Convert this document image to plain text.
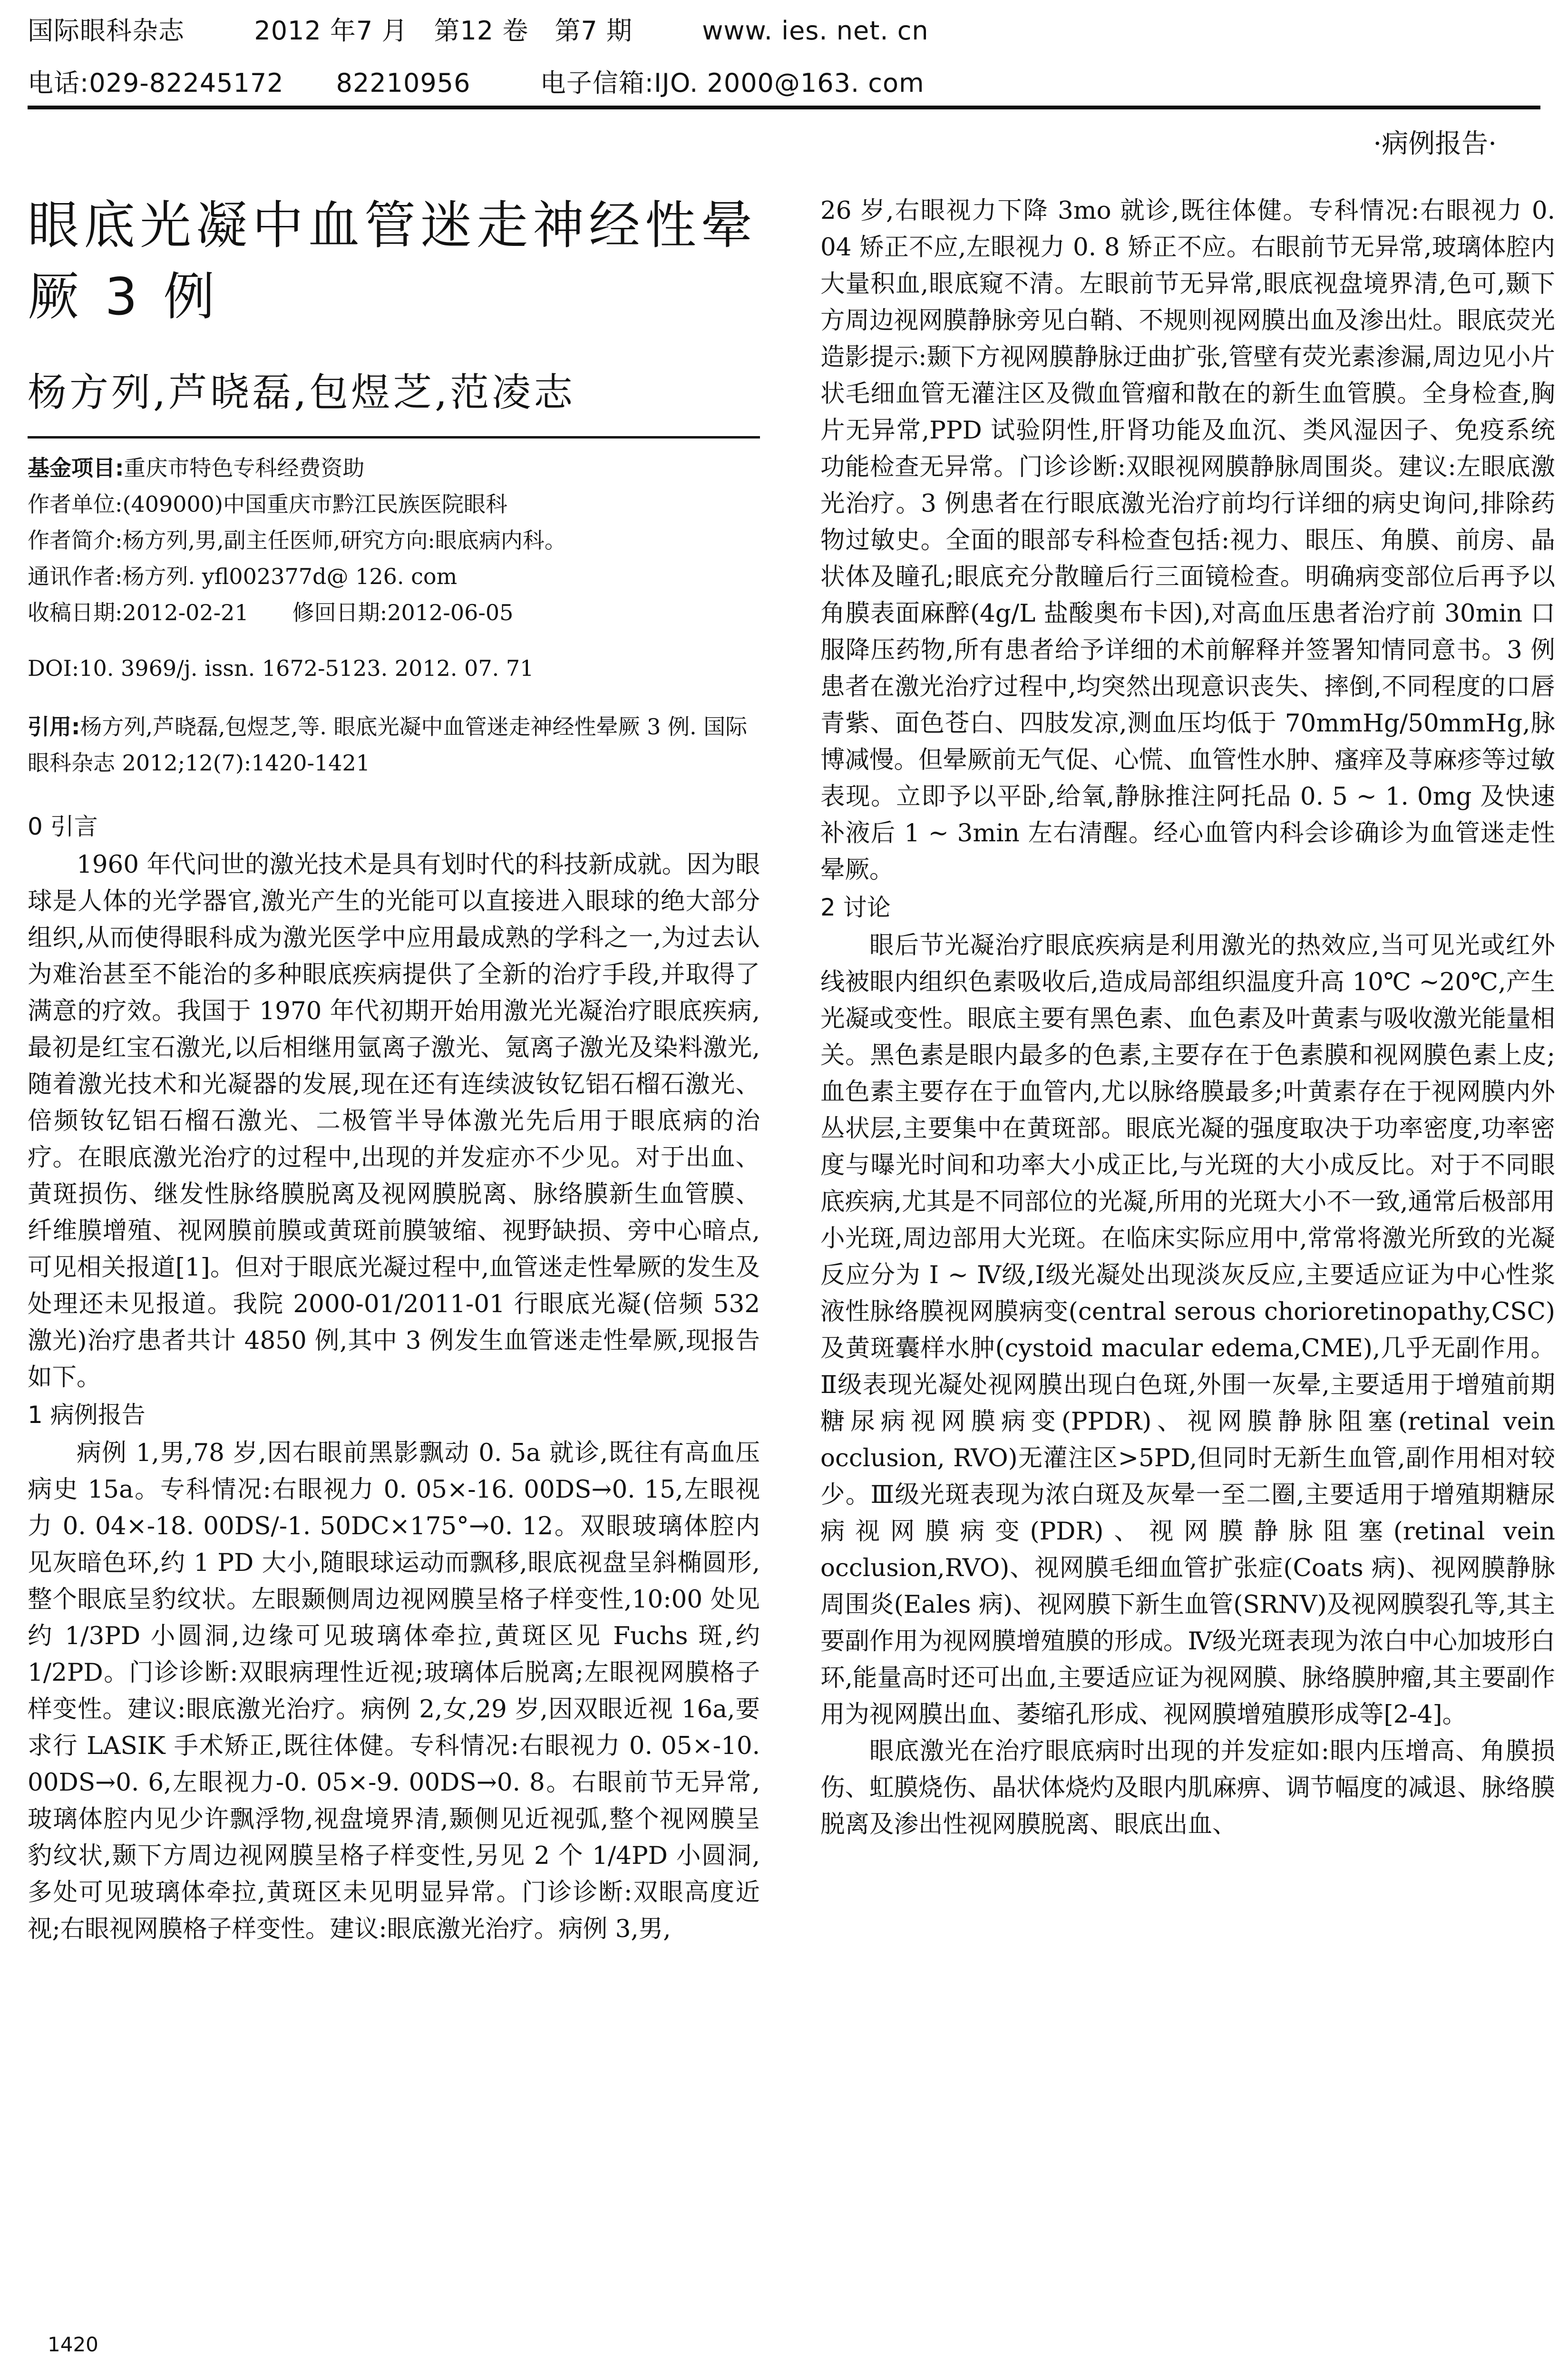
国际眼科杂志	2012 年7 月　第12 卷　第7 期	www. ies. net. cn
电话:029-82245172　　82210956	电子信箱:IJO. 2000@163. com
·病例报告·
眼底光凝中血管迷走神经性晕
厥 3 例
杨方列,芦晓磊,包煜芝,范凌志
基金项目:重庆市特色专科经费资助
作者单位:(409000)中国重庆市黔江民族医院眼科
作者简介:杨方列,男,副主任医师,研究方向:眼底病内科。
通讯作者:杨方列. yfl002377d@ 126. com
收稿日期:2012-02-21　　修回日期:2012-06-05
DOI:10. 3969/j. issn. 1672-5123. 2012. 07. 71
引用:杨方列,芦晓磊,包煜芝,等. 眼底光凝中血管迷走神经性晕厥 3 例. 国际眼科杂志 2012;12(7):1420-1421
0 引言

1960 年代问世的激光技术是具有划时代的科技新成就。因为眼球是人体的光学器官,激光产生的光能可以直接进入眼球的绝大部分组织,从而使得眼科成为激光医学中应用最成熟的学科之一,为过去认为难治甚至不能治的多种眼底疾病提供了全新的治疗手段,并取得了满意的疗效。我国于 1970 年代初期开始用激光光凝治疗眼底疾病,最初是红宝石激光,以后相继用氩离子激光、氪离子激光及染料激光,随着激光技术和光凝器的发展,现在还有连续波钕钇铝石榴石激光、倍频钕钇铝石榴石激光、二极管半导体激光先后用于眼底病的治疗。在眼底激光治疗的过程中,出现的并发症亦不少见。对于出血、黄斑损伤、继发性脉络膜脱离及视网膜脱离、脉络膜新生血管膜、纤维膜增殖、视网膜前膜或黄斑前膜皱缩、视野缺损、旁中心暗点,可见相关报道[1]。但对于眼底光凝过程中,血管迷走性晕厥的发生及处理还未见报道。我院 2000-01/2011-01 行眼底光凝(倍频 532 激光)治疗患者共计 4850 例,其中 3 例发生血管迷走性晕厥,现报告如下。

1 病例报告

病例 1,男,78 岁,因右眼前黑影飘动 0. 5a 就诊,既往有高血压病史 15a。专科情况:右眼视力 0. 05×-16. 00DS→0. 15,左眼视力 0. 04×-18. 00DS/-1. 50DC×175°→0. 12。双眼玻璃体腔内见灰暗色环,约 1 PD 大小,随眼球运动而飘移,眼底视盘呈斜椭圆形,整个眼底呈豹纹状。左眼颞侧周边视网膜呈格子样变性,10:00 处见约 1/3PD 小圆洞,边缘可见玻璃体牵拉,黄斑区见 Fuchs 斑,约 1/2PD。门诊诊断:双眼病理性近视;玻璃体后脱离;左眼视网膜格子样变性。建议:眼底激光治疗。病例 2,女,29 岁,因双眼近视 16a,要求行 LASIK 手术矫正,既往体健。专科情况:右眼视力 0. 05×-10. 00DS→0. 6,左眼视力-0. 05×-9. 00DS→0. 8。右眼前节无异常,玻璃体腔内见少许飘浮物,视盘境界清,颞侧见近视弧,整个视网膜呈豹纹状,颞下方周边视网膜呈格子样变性,另见 2 个 1/4PD 小圆洞,多处可见玻璃体牵拉,黄斑区未见明显异常。门诊诊断:双眼高度近视;右眼视网膜格子样变性。建议:眼底激光治疗。病例 3,男,

26 岁,右眼视力下降 3mo 就诊,既往体健。专科情况:右眼视力 0. 04 矫正不应,左眼视力 0. 8 矫正不应。右眼前节无异常,玻璃体腔内大量积血,眼底窥不清。左眼前节无异常,眼底视盘境界清,色可,颞下方周边视网膜静脉旁见白鞘、不规则视网膜出血及渗出灶。眼底荧光造影提示:颞下方视网膜静脉迂曲扩张,管壁有荧光素渗漏,周边见小片状毛细血管无灌注区及微血管瘤和散在的新生血管膜。全身检查,胸片无异常,PPD 试验阴性,肝肾功能及血沉、类风湿因子、免疫系统功能检查无异常。门诊诊断:双眼视网膜静脉周围炎。建议:左眼底激光治疗。3 例患者在行眼底激光治疗前均行详细的病史询问,排除药物过敏史。全面的眼部专科检查包括:视力、眼压、角膜、前房、晶状体及瞳孔;眼底充分散瞳后行三面镜检查。明确病变部位后再予以角膜表面麻醉(4g/L 盐酸奥布卡因),对高血压患者治疗前 30min 口服降压药物,所有患者给予详细的术前解释并签署知情同意书。3 例患者在激光治疗过程中,均突然出现意识丧失、摔倒,不同程度的口唇青紫、面色苍白、四肢发凉,测血压均低于 70mmHg/50mmHg,脉博减慢。但晕厥前无气促、心慌、血管性水肿、瘙痒及荨麻疹等过敏表现。立即予以平卧,给氧,静脉推注阿托品 0. 5 ~ 1. 0mg 及快速补液后 1 ~ 3min 左右清醒。经心血管内科会诊确诊为血管迷走性晕厥。

2 讨论

眼后节光凝治疗眼底疾病是利用激光的热效应,当可见光或红外线被眼内组织色素吸收后,造成局部组织温度升高 10℃ ~20℃,产生光凝或变性。眼底主要有黑色素、血色素及叶黄素与吸收激光能量相关。黑色素是眼内最多的色素,主要存在于色素膜和视网膜色素上皮;血色素主要存在于血管内,尤以脉络膜最多;叶黄素存在于视网膜内外丛状层,主要集中在黄斑部。眼底光凝的强度取决于功率密度,功率密度与曝光时间和功率大小成正比,与光斑的大小成反比。对于不同眼底疾病,尤其是不同部位的光凝,所用的光斑大小不一致,通常后极部用小光斑,周边部用大光斑。在临床实际应用中,常常将激光所致的光凝反应分为 Ⅰ ~ Ⅳ级,Ⅰ级光凝处出现淡灰反应,主要适应证为中心性浆液性脉络膜视网膜病变(central serous chorioretinopathy,CSC)及黄斑囊样水肿(cystoid macular edema,CME),几乎无副作用。Ⅱ级表现光凝处视网膜出现白色斑,外围一灰晕,主要适用于增殖前期糖尿病视网膜病变(PPDR)、视网膜静脉阻塞(retinal vein occlusion, RVO)无灌注区>5PD,但同时无新生血管,副作用相对较少。Ⅲ级光斑表现为浓白斑及灰晕一至二圈,主要适用于增殖期糖尿病视网膜病变(PDR)、视网膜静脉阻塞(retinal vein occlusion,RVO)、视网膜毛细血管扩张症(Coats 病)、视网膜静脉周围炎(Eales 病)、视网膜下新生血管(SRNV)及视网膜裂孔等,其主要副作用为视网膜增殖膜的形成。Ⅳ级光斑表现为浓白中心加坡形白环,能量高时还可出血,主要适应证为视网膜、脉络膜肿瘤,其主要副作用为视网膜出血、萎缩孔形成、视网膜增殖膜形成等[2-4]。

眼底激光在治疗眼底病时出现的并发症如:眼内压增高、角膜损伤、虹膜烧伤、晶状体烧灼及眼内肌麻痹、调节幅度的减退、脉络膜脱离及渗出性视网膜脱离、眼底出血、

1420
